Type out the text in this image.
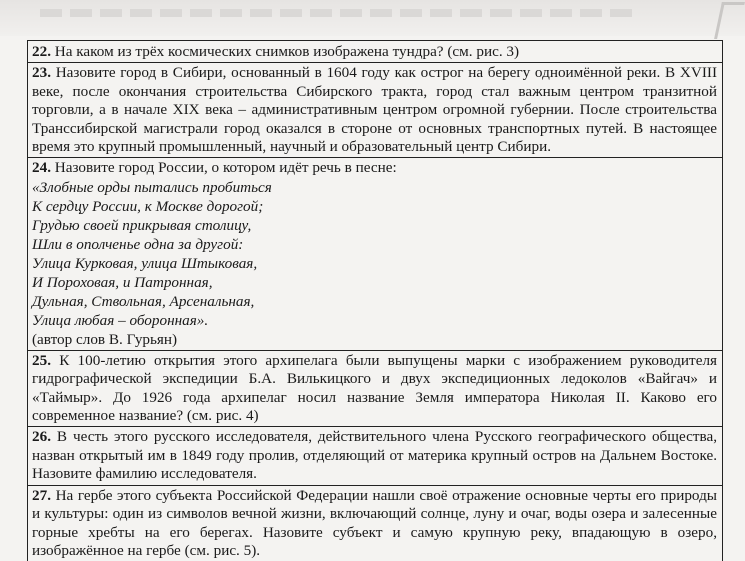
22. На каком из трёх космических снимков изображена тундра? (см. рис. 3)
23. Назовите город в Сибири, основанный в 1604 году как острог на берегу одноимённой реки. В XVIII веке, после окончания строительства Сибирского тракта, город стал важным центром транзитной торговли, а в начале XIX века – административным центром огромной губернии. После строительства Транссибирской магистрали город оказался в стороне от основных транспортных путей. В настоящее время это крупный промышленный, научный и образовательный центр Сибири.
24. Назовите город России, о котором идёт речь в песне:
«Злобные орды пытались пробиться
К сердцу России, к Москве дорогой;
Грудью своей прикрывая столицу,
Шли в ополченье одна за другой:
Улица Курковая, улица Штыковая,
И Пороховая, и Патронная,
Дульная, Ствольная, Арсенальная,
Улица любая – оборонная».
(автор слов В. Гурьян)
25. К 100-летию открытия этого архипелага были выпущены марки с изображением руководителя гидрографической экспедиции Б.А. Вилькицкого и двух экспедиционных ледоколов «Вайгач» и «Таймыр». До 1926 года архипелаг носил название Земля императора Николая II. Каково его современное название? (см. рис. 4)
26. В честь этого русского исследователя, действительного члена Русского географического общества, назван открытый им в 1849 году пролив, отделяющий от материка крупный остров на Дальнем Востоке. Назовите фамилию исследователя.
27. На гербе этого субъекта Российской Федерации нашли своё отражение основные черты его природы и культуры: один из символов вечной жизни, включающий солнце, луну и очаг, воды озера и залесенные горные хребты на его берегах. Назовите субъект и самую крупную реку, впадающую в озеро, изображённое на гербе (см. рис. 5).
